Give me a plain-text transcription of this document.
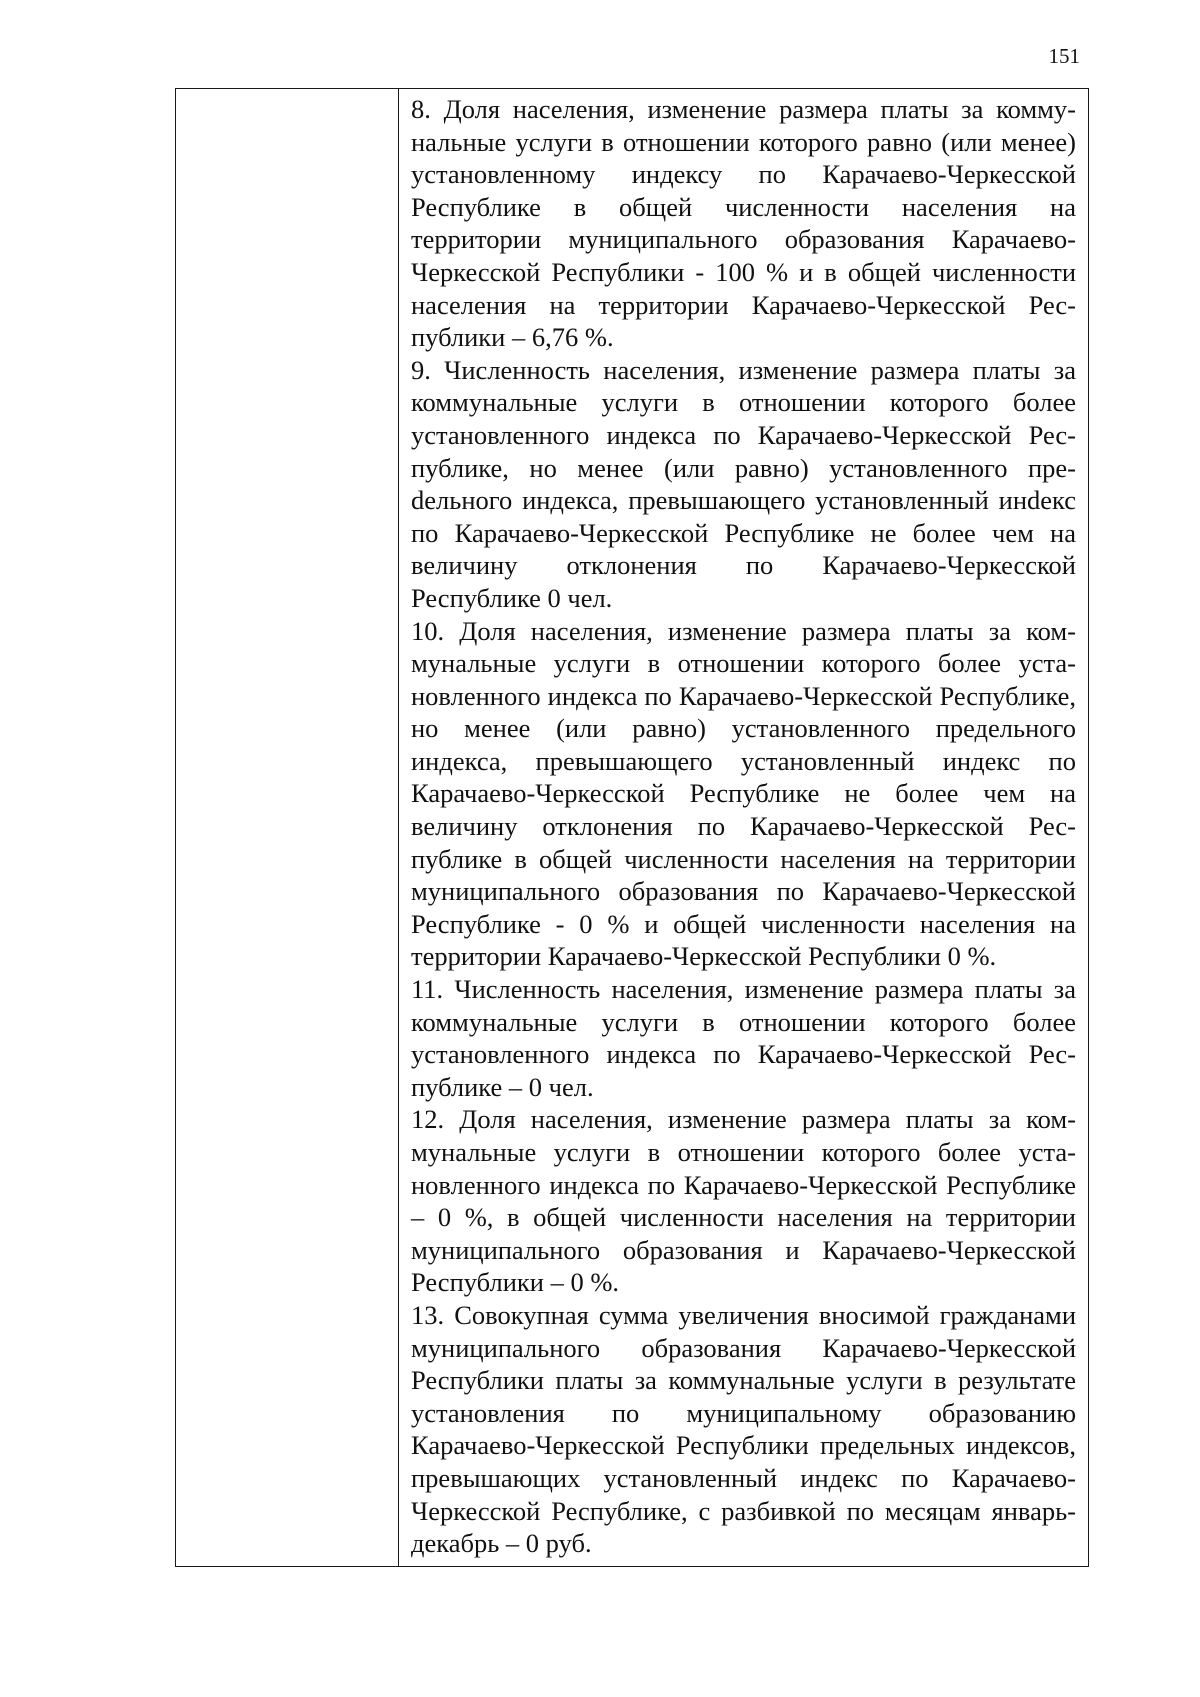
151

8. Доля населения, изменение размера платы за коммунальные услуги в отношении которого равно (или менее) установленному индексу по Карачаево-Черкесской Республике в общей численности населения на территории муниципального образования Карачаево-Черкесской Республики - 100 % и в общей численности населения на территории Карачаево-Черкесской Республики – 6,76 %.

9. Численность населения, изменение размера платы за коммунальные услуги в отношении которого более установленного индекса по Карачаево-Черкесской Республике, но менее (или равно) установленного преdельного индекса, превышающего установленный инdекс по Карачаево-Черкесской Республике не более чем на величину отклонения по Карачаево-Черкесской Республике 0 чел.

10. Доля населения, изменение размера платы за коммунальные услуги в отношении которого более установленного индекса по Карачаево-Черкесской Республике, но менее (или равно) установленного предельного индекса, превышающего установленный индекс по Карачаево-Черкесской Республике не более чем на величину отклонения по Карачаево-Черкесской Республике в общей численности населения на территории муниципального образования по Карачаево-Черкесской Республике - 0 % и общей численности населения на территории Карачаево-Черкесской Республики 0 %.

11. Численность населения, изменение размера платы за коммунальные услуги в отношении которого более установленного индекса по Карачаево-Черкесской Республике – 0 чел.

12. Доля населения, изменение размера платы за коммунальные услуги в отношении которого более установленного индекса по Карачаево-Черкесской Республике – 0 %, в общей численности населения на территории муниципального образования и Карачаево-Черкесской Республики – 0 %.

13. Совокупная сумма увеличения вносимой гражданами муниципального образования Карачаево-Черкесской Республики платы за коммунальные услуги в результате установления по муниципальному образованию Карачаево-Черкесской Республики предельных индексов, превышающих установленный индекс по Карачаево-Черкесской Республике, с разбивкой по месяцам январь-декабрь – 0 руб.
